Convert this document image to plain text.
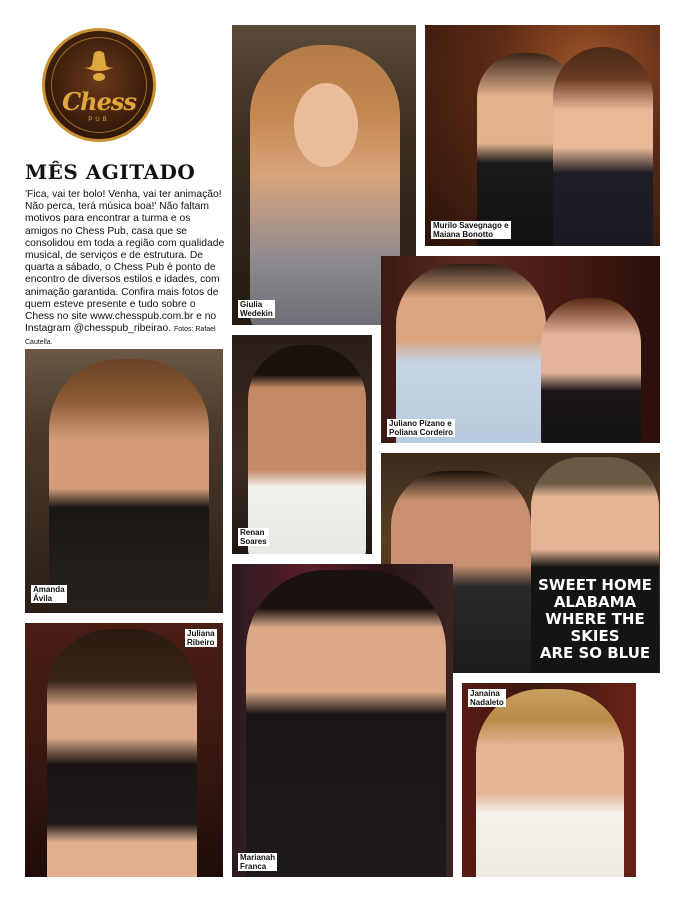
Chess
PUB
MÊS AGITADO
'Fica, vai ter bolo! Venha, vai ter animação! Não perca, terá música boa!' Não faltam motivos para encontrar a turma e os amigos no Chess Pub, casa que se consolidou em toda a região com qualidade musical, de serviços e de estrutura. De quarta a sábado, o Chess Pub é ponto de encontro de diversos estilos e idades, com animação garantida. Confira mais fotos de quem esteve presente e tudo sobre o Chess no site www.chesspub.com.br e no Instagram @chesspub_ribeirao. Fotos: Rafael Cautella.
Giulia
Wedekin
Murilo Savegnago e
Maiana Bonotto
Juliano Pizano e
Poliana Cordeiro
Renan
Soares
Amanda
Ávila
SWEET HOME
ALABAMA
WHERE THE SKIES
ARE SO BLUE
Juliana
Ribeiro
Marianah
Franca
Janaína
Nadaleto
